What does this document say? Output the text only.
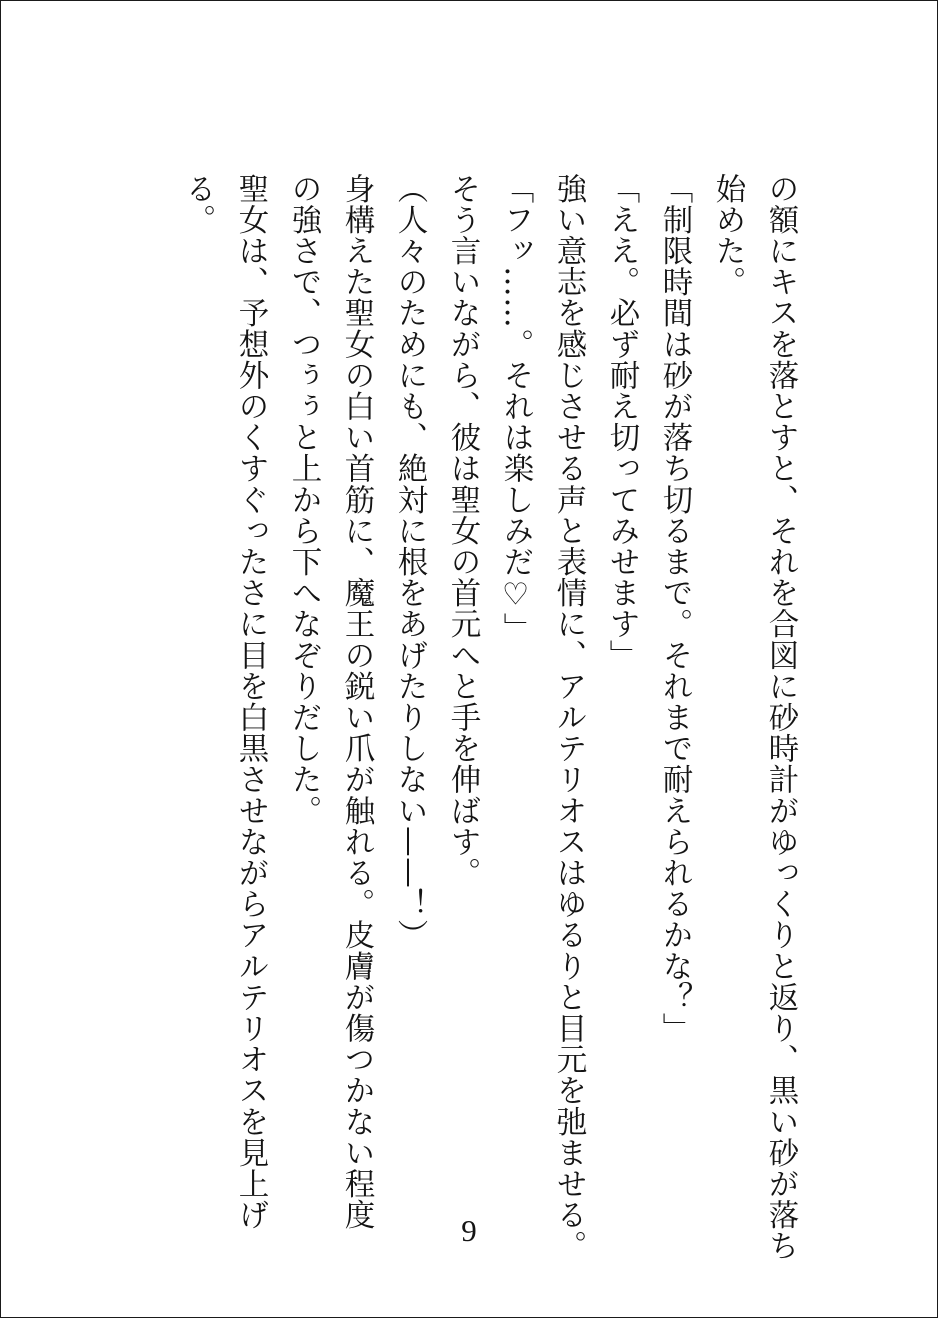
の額にキスを落とすと、それを合図に砂時計がゆっくりと返り、黒い砂が落ち
始めた。
「制限時間は砂が落ち切るまで。それまで耐えられるかな？」
「ええ。必ず耐え切ってみせます」
強い意志を感じさせる声と表情に、アルテリオスはゆるりと目元を弛ませる。
「フッ……。それは楽しみだ♡」
そう言いながら、彼は聖女の首元へと手を伸ばす。
（人々のためにも、絶対に根をあげたりしない——！）
身構えた聖女の白い首筋に、魔王の鋭い爪が触れる。皮膚が傷つかない程度
の強さで、つぅぅと上から下へなぞりだした。
聖女は、予想外のくすぐったさに目を白黒させながらアルテリオスを見上げ
る。
9
